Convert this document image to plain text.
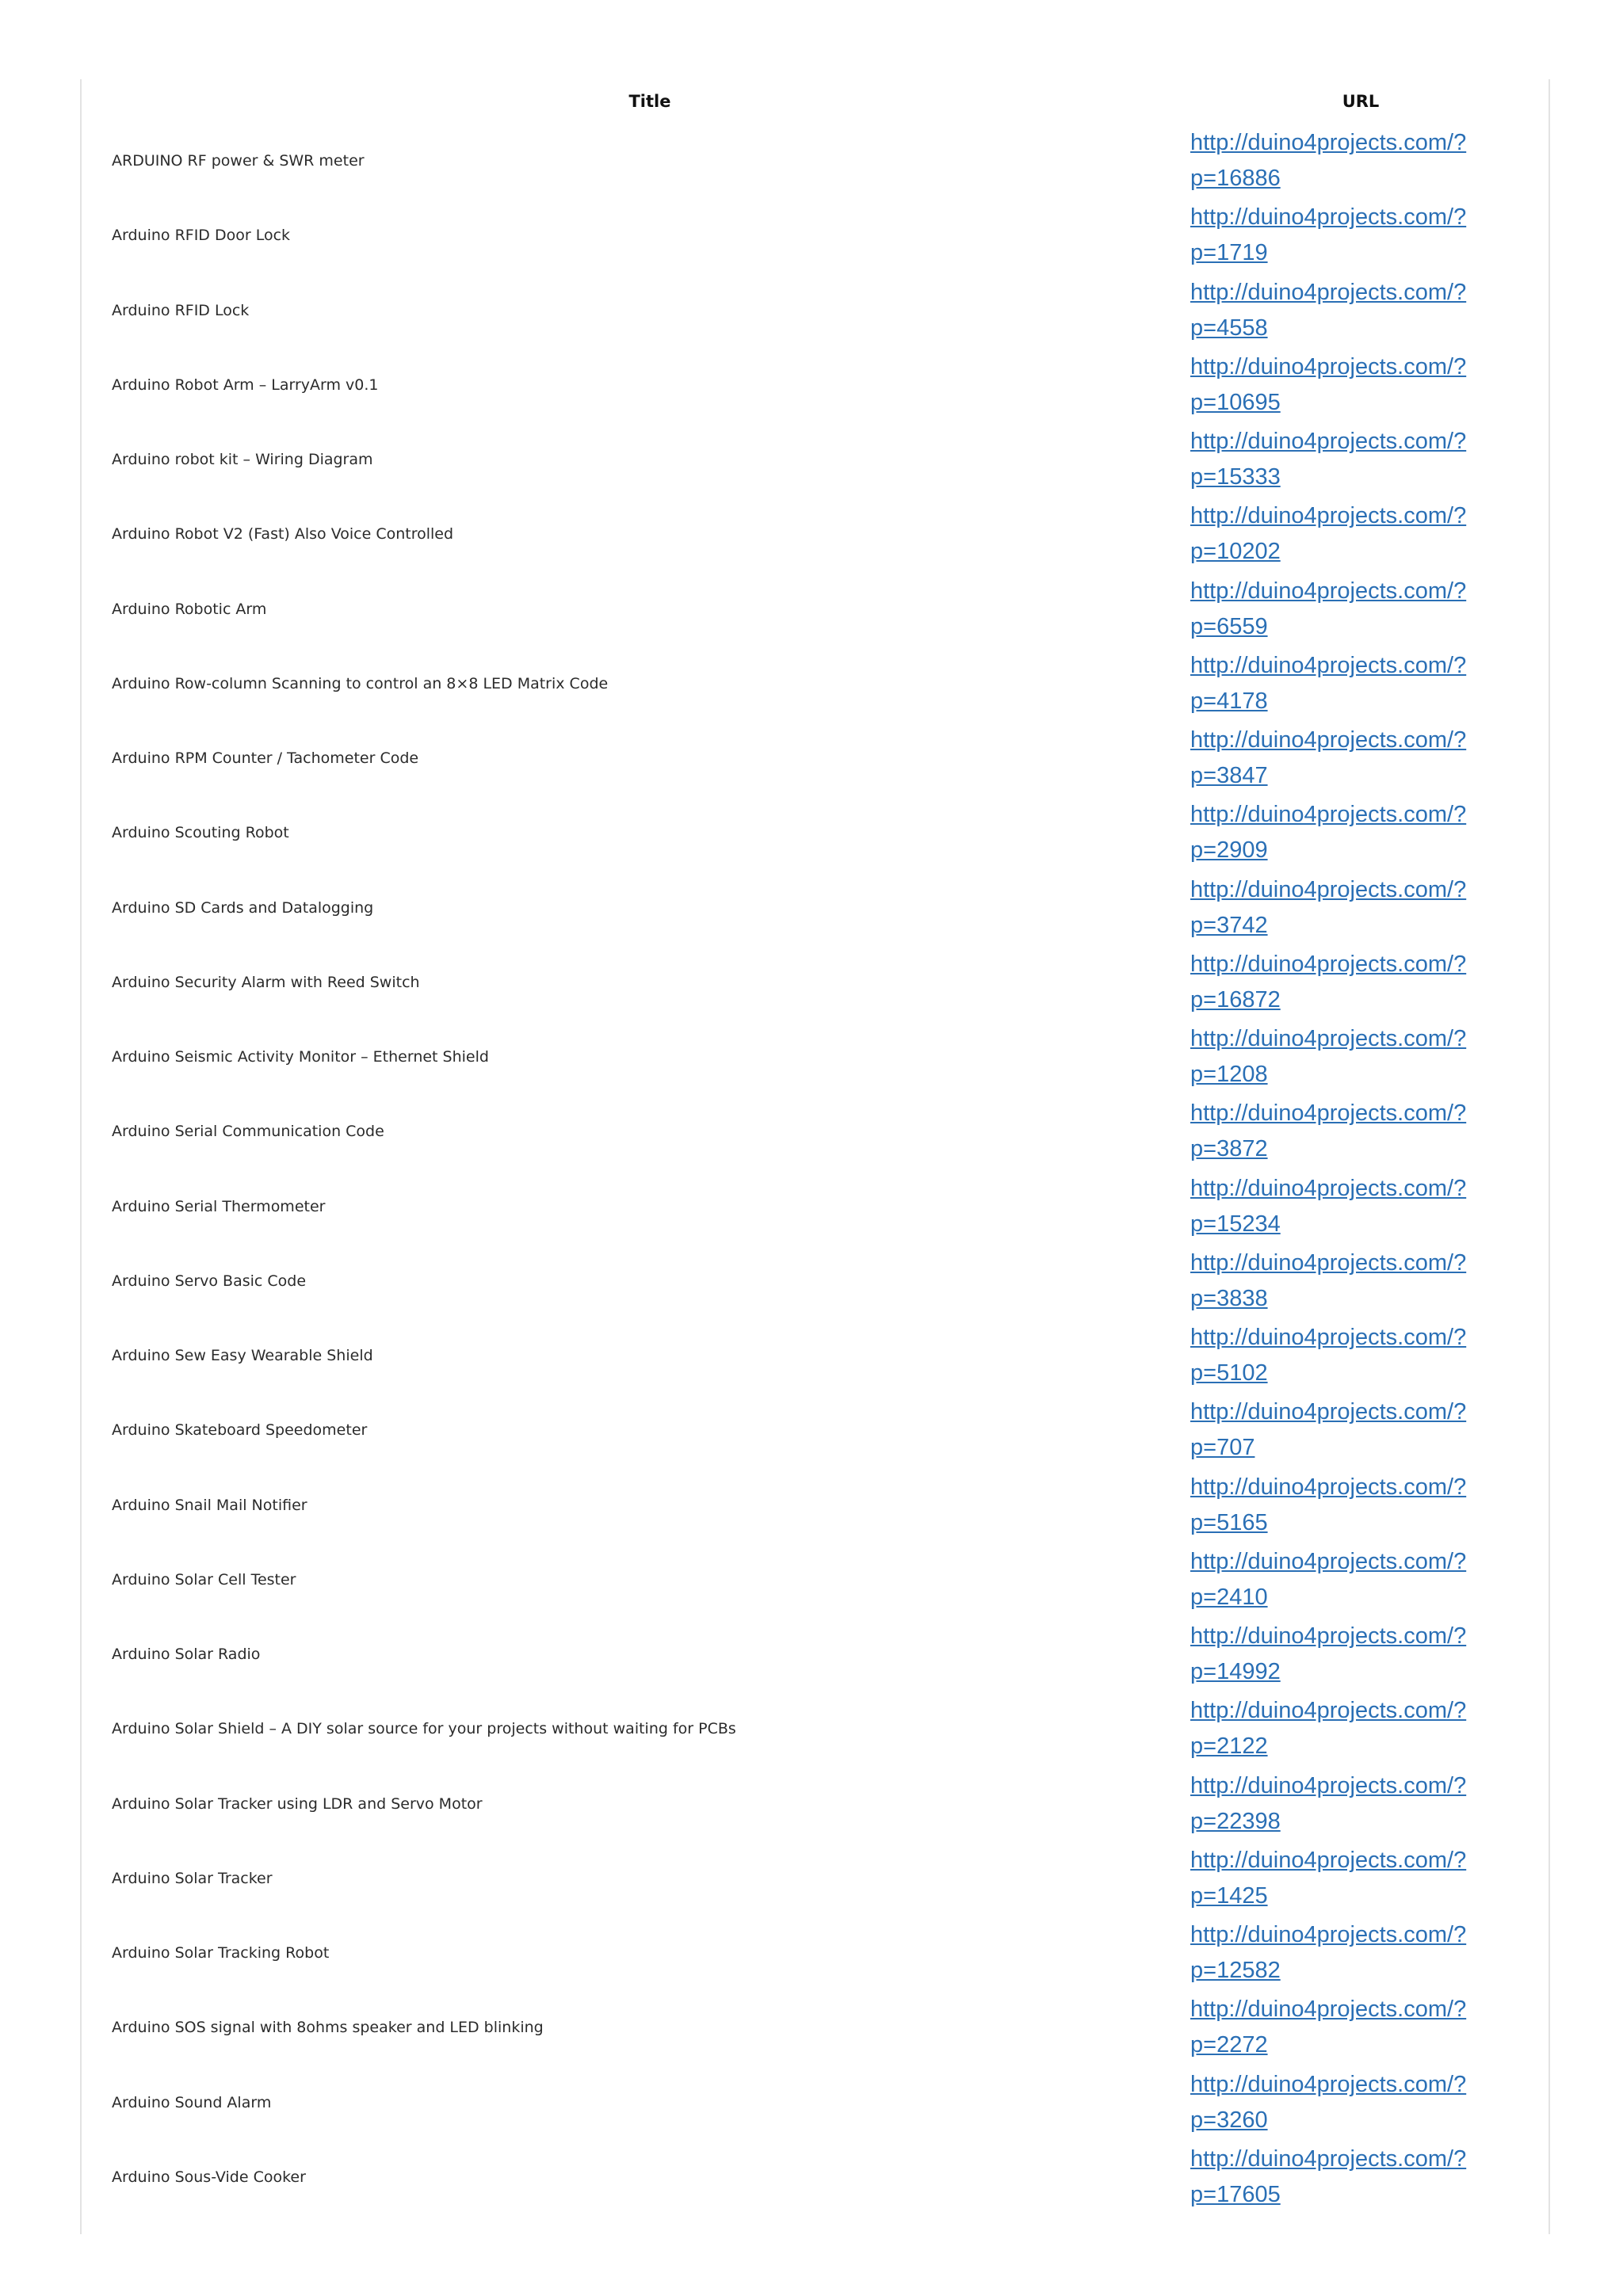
Title	URL
ARDUINO RF power & SWR meter
http://duino4projects.com/?
p=16886
Arduino RFID Door Lock
http://duino4projects.com/?
p=1719
Arduino RFID Lock
http://duino4projects.com/?
p=4558
Arduino Robot Arm – LarryArm v0.1
http://duino4projects.com/?
p=10695
Arduino robot kit – Wiring Diagram
http://duino4projects.com/?
p=15333
Arduino Robot V2 (Fast) Also Voice Controlled
http://duino4projects.com/?
p=10202
Arduino Robotic Arm
http://duino4projects.com/?
p=6559
Arduino Row-column Scanning to control an 8×8 LED Matrix Code
http://duino4projects.com/?
p=4178
Arduino RPM Counter / Tachometer Code
http://duino4projects.com/?
p=3847
Arduino Scouting Robot
http://duino4projects.com/?
p=2909
Arduino SD Cards and Datalogging
http://duino4projects.com/?
p=3742
Arduino Security Alarm with Reed Switch
http://duino4projects.com/?
p=16872
Arduino Seismic Activity Monitor – Ethernet Shield
http://duino4projects.com/?
p=1208
Arduino Serial Communication Code
http://duino4projects.com/?
p=3872
Arduino Serial Thermometer
http://duino4projects.com/?
p=15234
Arduino Servo Basic Code
http://duino4projects.com/?
p=3838
Arduino Sew Easy Wearable Shield
http://duino4projects.com/?
p=5102
Arduino Skateboard Speedometer
http://duino4projects.com/?
p=707
Arduino Snail Mail Notifier
http://duino4projects.com/?
p=5165
Arduino Solar Cell Tester
http://duino4projects.com/?
p=2410
Arduino Solar Radio
http://duino4projects.com/?
p=14992
Arduino Solar Shield – A DIY solar source for your projects without waiting for PCBs
http://duino4projects.com/?
p=2122
Arduino Solar Tracker using LDR and Servo Motor
http://duino4projects.com/?
p=22398
Arduino Solar Tracker
http://duino4projects.com/?
p=1425
Arduino Solar Tracking Robot
http://duino4projects.com/?
p=12582
Arduino SOS signal with 8ohms speaker and LED blinking
http://duino4projects.com/?
p=2272
Arduino Sound Alarm
http://duino4projects.com/?
p=3260
Arduino Sous-Vide Cooker
http://duino4projects.com/?
p=17605
